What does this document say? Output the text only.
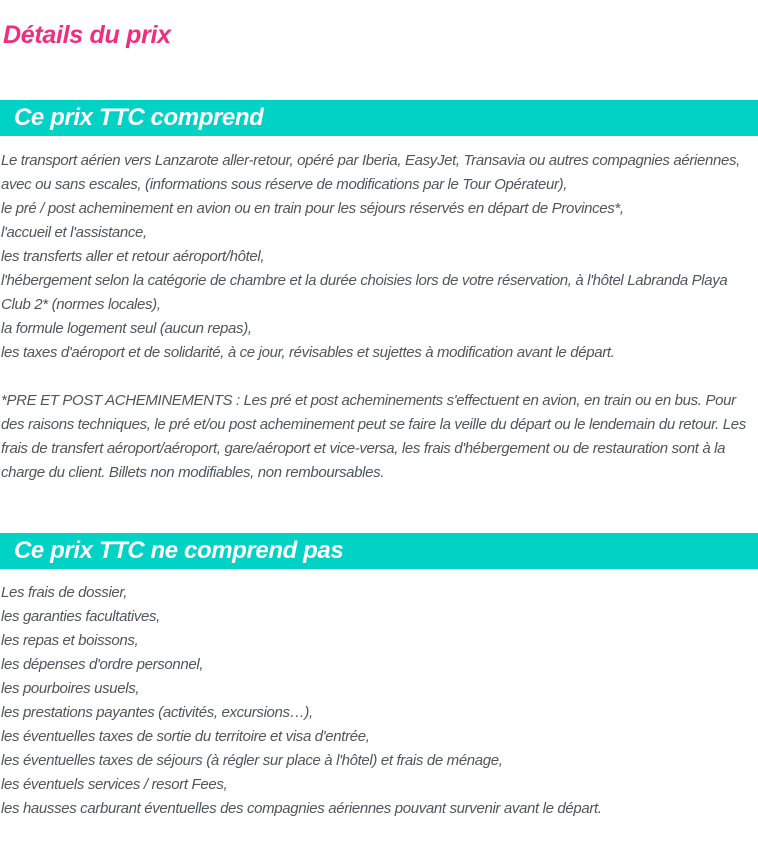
Détails du prix
Ce prix TTC comprend

Le transport aérien vers Lanzarote aller-retour, opéré par Iberia, EasyJet, Transavia ou autres compagnies aériennes, avec ou sans escales, (informations sous réserve de modifications par le Tour Opérateur),

le pré / post acheminement en avion ou en train pour les séjours réservés en départ de Provinces*,

l'accueil et l'assistance,

les transferts aller et retour aéroport/hôtel,

l'hébergement selon la catégorie de chambre et la durée choisies lors de votre réservation, à l'hôtel Labranda Playa Club 2* (normes locales),

la formule logement seul (aucun repas),

les taxes d'aéroport et de solidarité, à ce jour, révisables et sujettes à modification avant le départ.

*PRE ET POST ACHEMINEMENTS : Les pré et post acheminements s'effectuent en avion, en train ou en bus. Pour des raisons techniques, le pré et/ou post acheminement peut se faire la veille du départ ou le lendemain du retour. Les frais de transfert aéroport/aéroport, gare/aéroport et vice-versa, les frais d'hébergement ou de restauration sont à la charge du client. Billets non modifiables, non remboursables.

Ce prix TTC ne comprend pas

Les frais de dossier,

les garanties facultatives,

les repas et boissons,

les dépenses d'ordre personnel,

les pourboires usuels,

les prestations payantes (activités, excursions…),

les éventuelles taxes de sortie du territoire et visa d'entrée,

les éventuelles taxes de séjours (à régler sur place à l'hôtel) et frais de ménage,

les éventuels services / resort Fees,

les hausses carburant éventuelles des compagnies aériennes pouvant survenir avant le départ.
